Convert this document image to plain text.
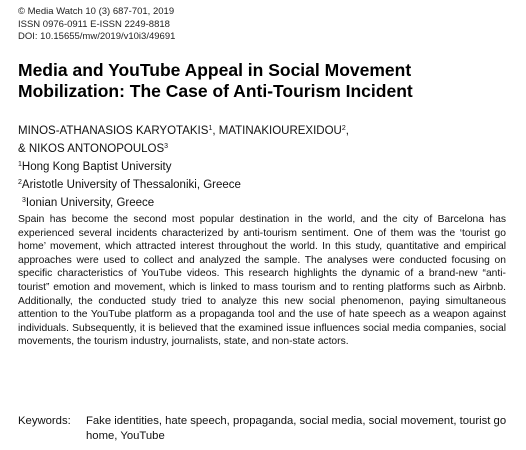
© Media Watch 10 (3) 687-701, 2019
ISSN 0976-0911 E-ISSN 2249-8818
DOI: 10.15655/mw/2019/v10i3/49691
Media and YouTube Appeal in Social Movement Mobilization: The Case of Anti-Tourism Incident
MINOS-ATHANASIOS KARYOTAKIS$^1$, MATINAKIOUREXIDOU$^2$,
& NIKOS ANTONOPOULOS$^3$
$^1$Hong Kong Baptist University
$^2$Aristotle University of Thessaloniki, Greece
$^3$Ionian University, Greece
Spain has become the second most popular destination in the world, and the city of Barcelona has experienced several incidents characterized by anti-tourism sentiment. One of them was the ‘tourist go home’ movement, which attracted interest throughout the world. In this study, quantitative and empirical approaches were used to collect and analyzed the sample. The analyses were conducted focusing on specific characteristics of YouTube videos. This research highlights the dynamic of a brand-new “anti-tourist” emotion and movement, which is linked to mass tourism and to renting platforms such as Airbnb. Additionally, the conducted study tried to analyze this new social phenomenon, paying simultaneous attention to the YouTube platform as a propaganda tool and the use of hate speech as a weapon against individuals. Subsequently, it is believed that the examined issue influences social media companies, social movements, the tourism industry, journalists, state, and non-state actors.
Keywords:	Fake identities, hate speech, propaganda, social media, social movement, tourist go home, YouTube
